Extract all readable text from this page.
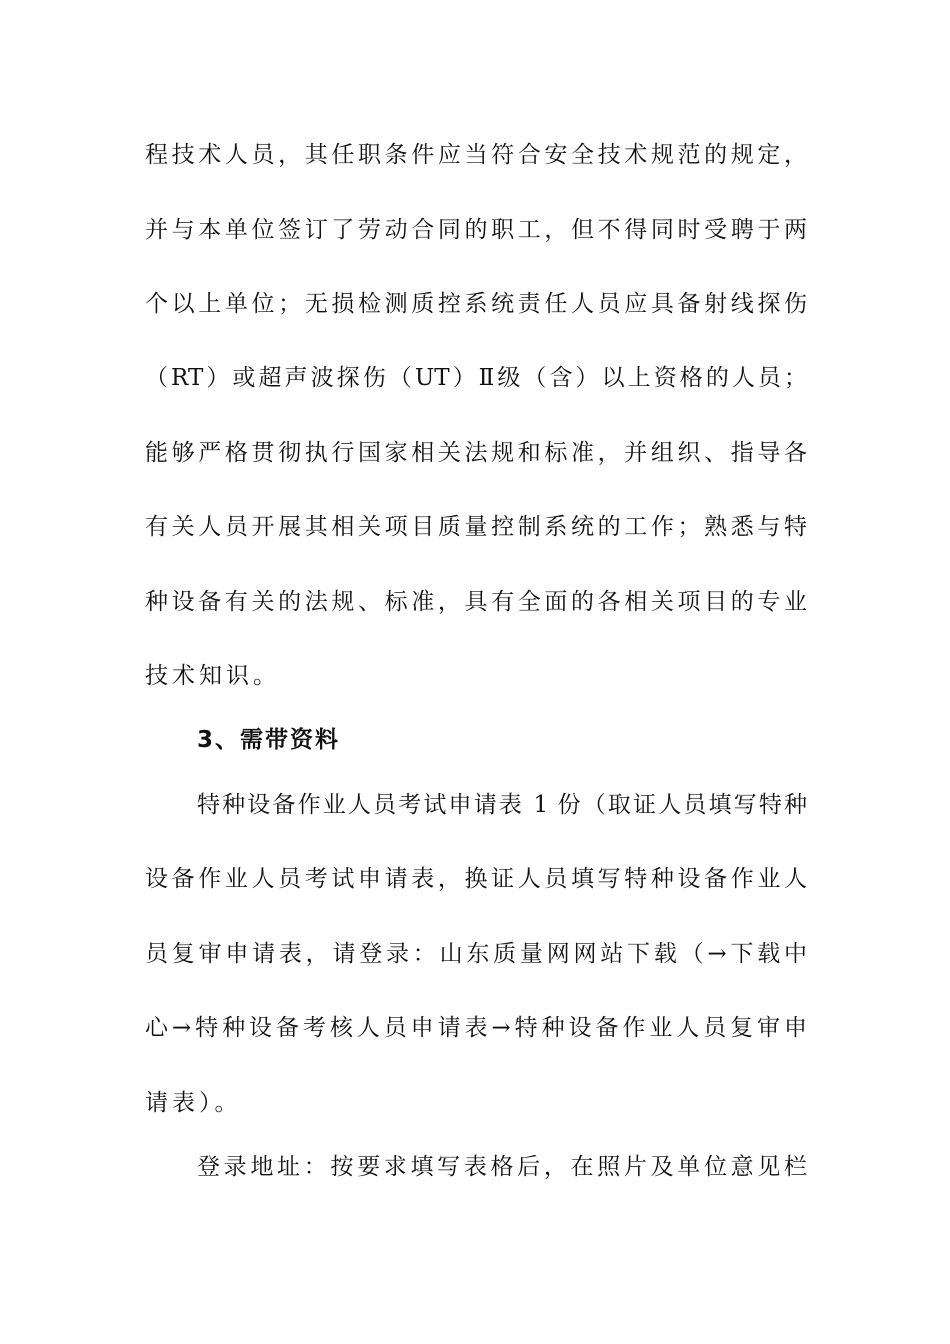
程技术人员，其任职条件应当符合安全技术规范的规定，
并与本单位签订了劳动合同的职工，但不得同时受聘于两
个以上单位；无损检测质控系统责任人员应具备射线探伤
（RT）或超声波探伤（UT）Ⅱ级（含）以上资格的人员；
能够严格贯彻执行国家相关法规和标准，并组织、指导各
有关人员开展其相关项目质量控制系统的工作；熟悉与特
种设备有关的法规、标准，具有全面的各相关项目的专业
技术知识。
3、需带资料
特种设备作业人员考试申请表 1 份（取证人员填写特种
设备作业人员考试申请表，换证人员填写特种设备作业人
员复审申请表，请登录：山东质量网网站下载（→下载中
心→特种设备考核人员申请表→特种设备作业人员复审申
请表）。
登录地址：按要求填写表格后，在照片及单位意见栏
